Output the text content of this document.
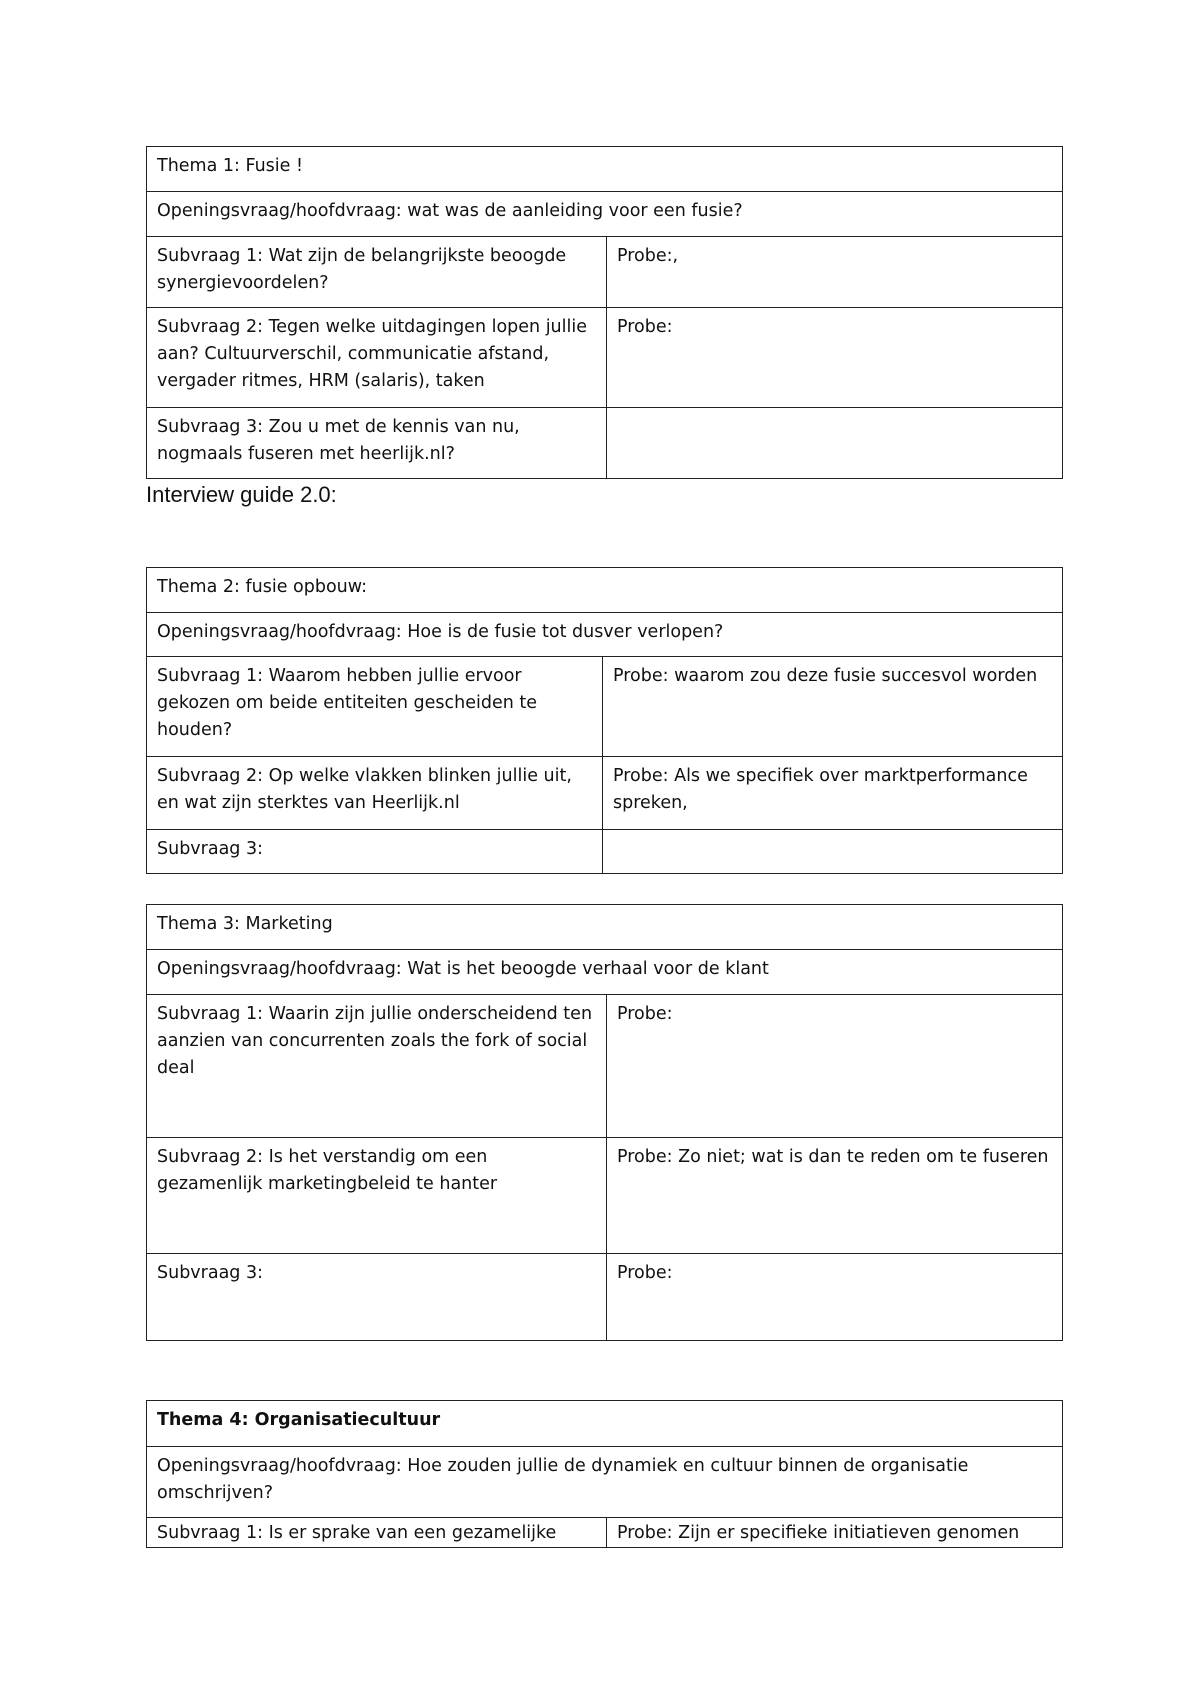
Thema 1: Fusie !	
Openingsvraag/hoofdvraag: wat was de aanleiding voor een fusie?	
Subvraag 1: Wat zijn de belangrijkste beoogde synergievoordelen?	Probe:,
Subvraag 2: Tegen welke uitdagingen lopen jullie aan? Cultuurverschil, communicatie afstand, vergader ritmes, HRM (salaris), taken	Probe:
Subvraag 3: Zou u met de kennis van nu, nogmaals fuseren met heerlijk.nl?	
Interview guide 2.0:
Thema 2: fusie opbouw:	
Openingsvraag/hoofdvraag: Hoe is de fusie tot dusver verlopen?	
Subvraag 1: Waarom hebben jullie ervoor gekozen om beide entiteiten gescheiden te houden?	Probe: waarom zou deze fusie succesvol worden
Subvraag 2: Op welke vlakken blinken jullie uit, en wat zijn sterktes van Heerlijk.nl	Probe: Als we specifiek over marktperformance spreken,
Subvraag 3:	
Thema 3: Marketing	
Openingsvraag/hoofdvraag: Wat is het beoogde verhaal voor de klant	
Subvraag 1: Waarin zijn jullie onderscheidend ten aanzien van concurrenten zoals the fork of social deal	Probe:
Subvraag 2: Is het verstandig om een gezamenlijk marketingbeleid te hanter	Probe: Zo niet; wat is dan te reden om te fuseren
Subvraag 3:	Probe:
Thema 4: Organisatiecultuur
Openingsvraag/hoofdvraag: Hoe zouden jullie de dynamiek en cultuur binnen de organisatie omschrijven?
Subvraag 1: Is er sprake van een gezamelijke	Probe: Zijn er specifieke initiatieven genomen
